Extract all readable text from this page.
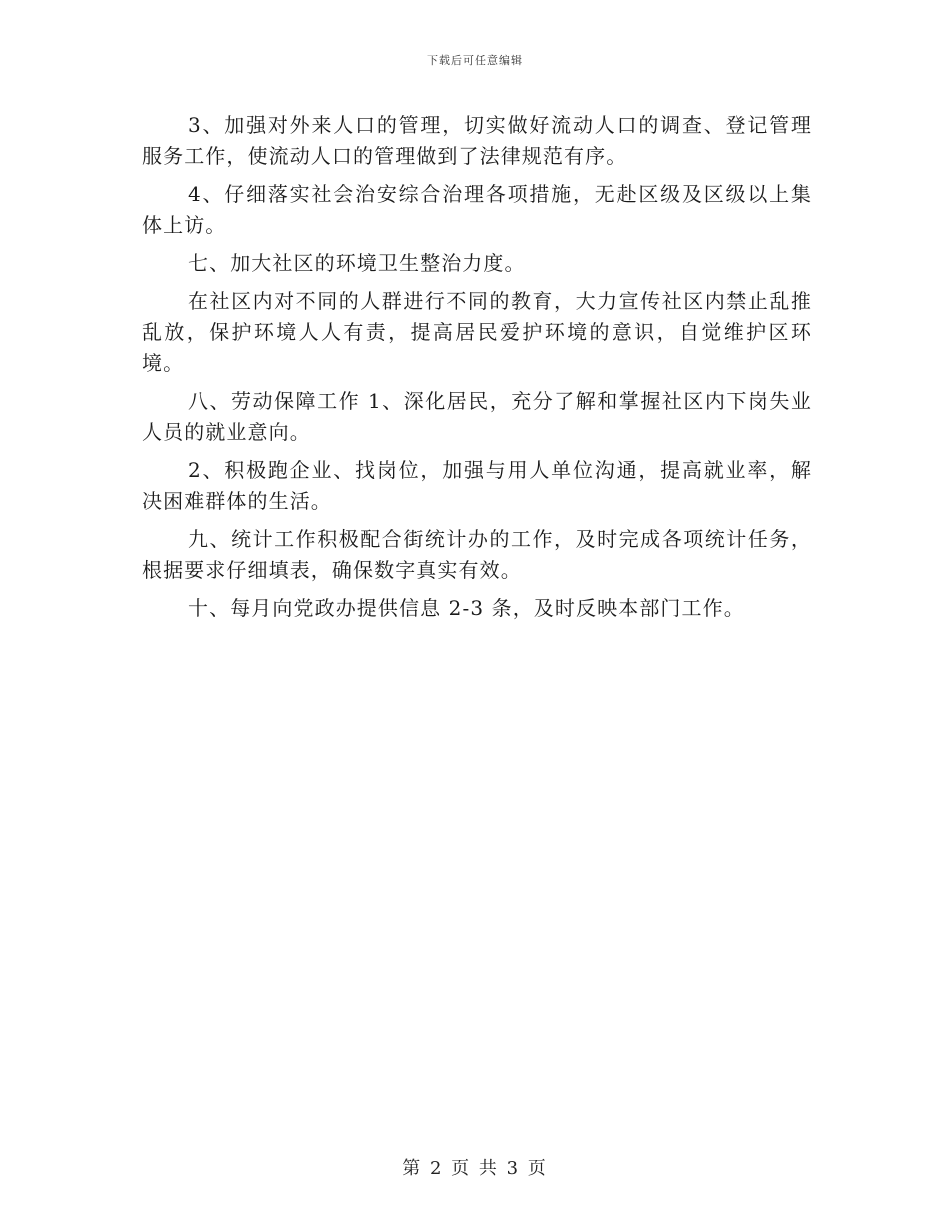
下载后可任意编辑

3、加强对外来人口的管理，切实做好流动人口的调查、登记管理服务工作，使流动人口的管理做到了法律规范有序。

4、仔细落实社会治安综合治理各项措施，无赴区级及区级以上集体上访。

七、加大社区的环境卫生整治力度。

在社区内对不同的人群进行不同的教育，大力宣传社区内禁止乱推乱放，保护环境人人有责，提高居民爱护环境的意识，自觉维护区环境。

八、劳动保障工作 1、深化居民，充分了解和掌握社区内下岗失业人员的就业意向。

2、积极跑企业、找岗位，加强与用人单位沟通，提高就业率，解决困难群体的生活。

九、统计工作积极配合街统计办的工作，及时完成各项统计任务，根据要求仔细填表，确保数字真实有效。

十、每月向党政办提供信息 2-3 条，及时反映本部门工作。

第 2 页 共 3 页
